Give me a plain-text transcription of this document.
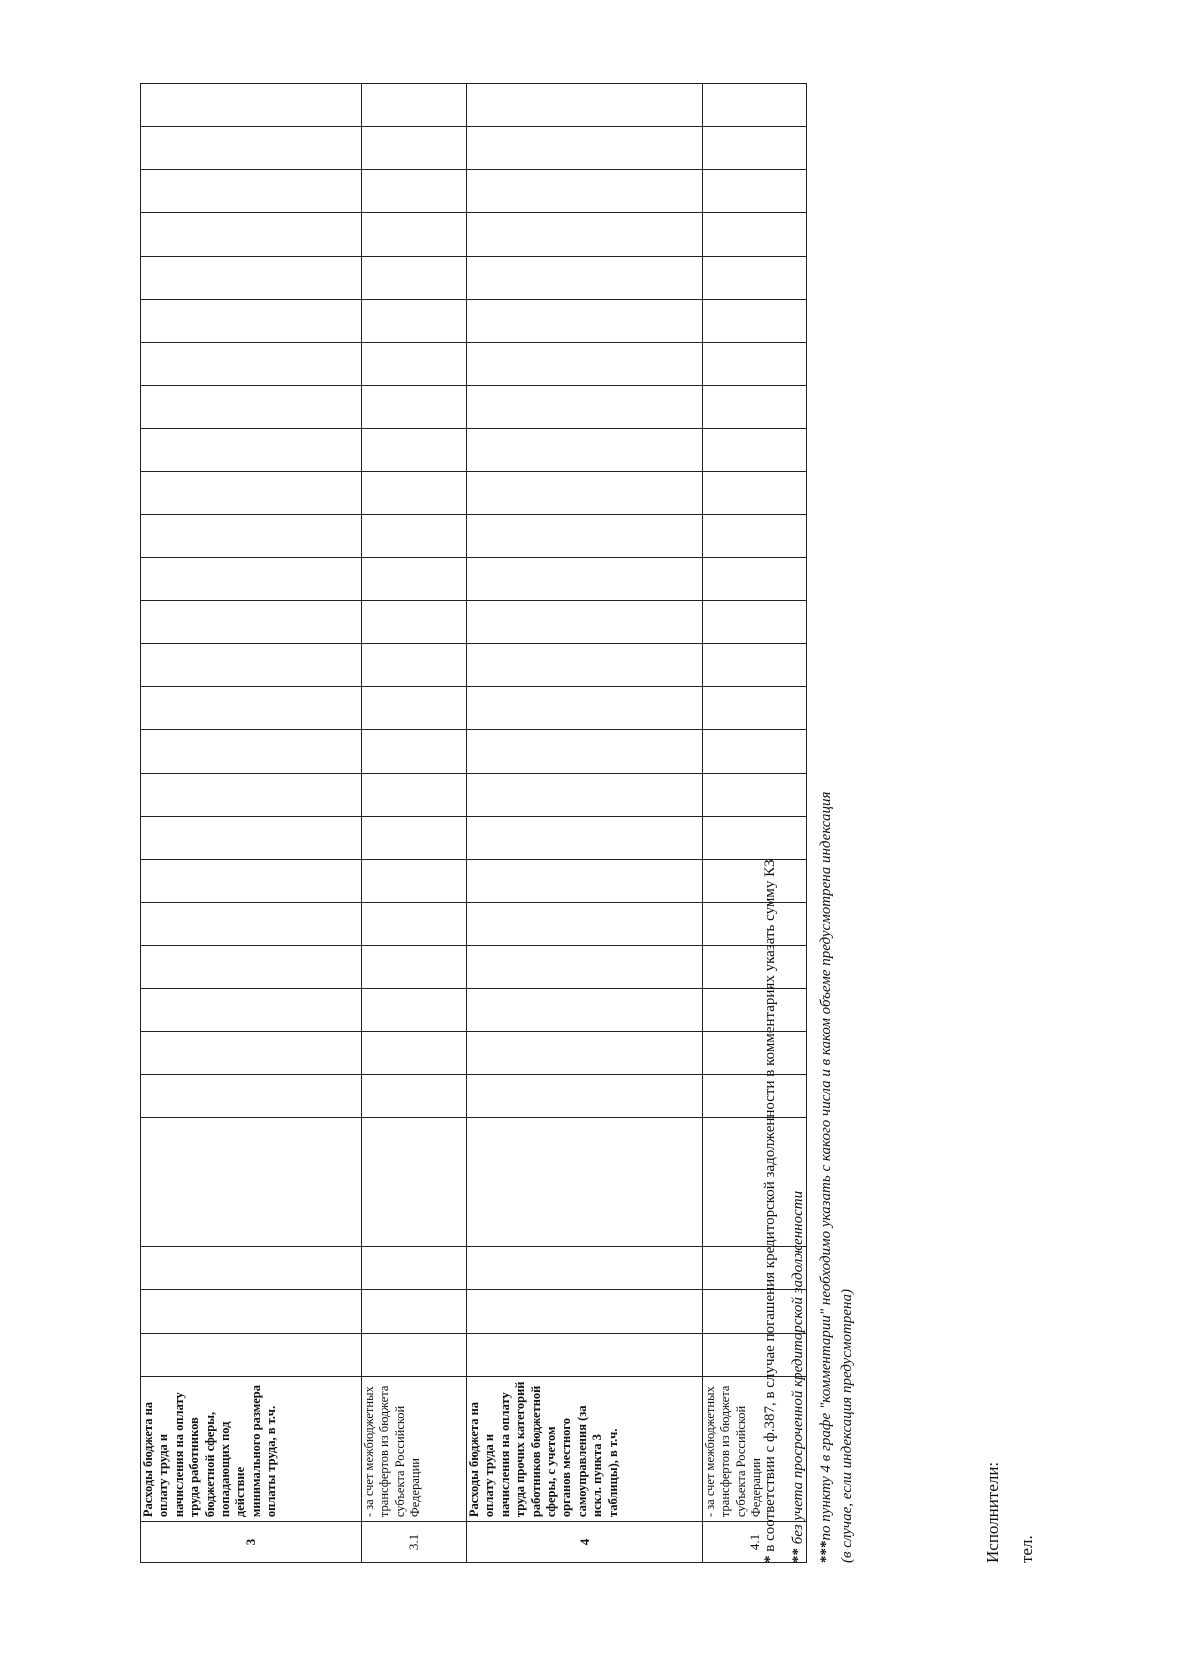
3	Расходы бюджета на оплату труда и начисления на оплату труда работников бюджетной сферы, попадающих под действие минимального размера оплаты труда, в т.ч.																												
3.1	- за счет межбюджетных трансфертов из бюджета субъекта Российской Федерации																												
4	Расходы бюджета на оплату труда и начисления на оплату труда прочих категорий работников бюджетной сферы, с учетом органов местного самоуправления (за искл. пункта 3 таблицы), в т.ч.																												
4.1	- за счет межбюджетных трансфертов из бюджета субъекта Российской Федерации																												

* в соответствии с ф.387, в случае погашения кредиторской задолженности в комментариях указать сумму КЗ

** без учета просроченной кредиторской задолженности

***по пункту 4 в графе "комментарии" необходимо указать с какого числа и в каком объеме предусмотрена индексация (в случае, если индексация предусмотрена)	Исполнители: тел.
